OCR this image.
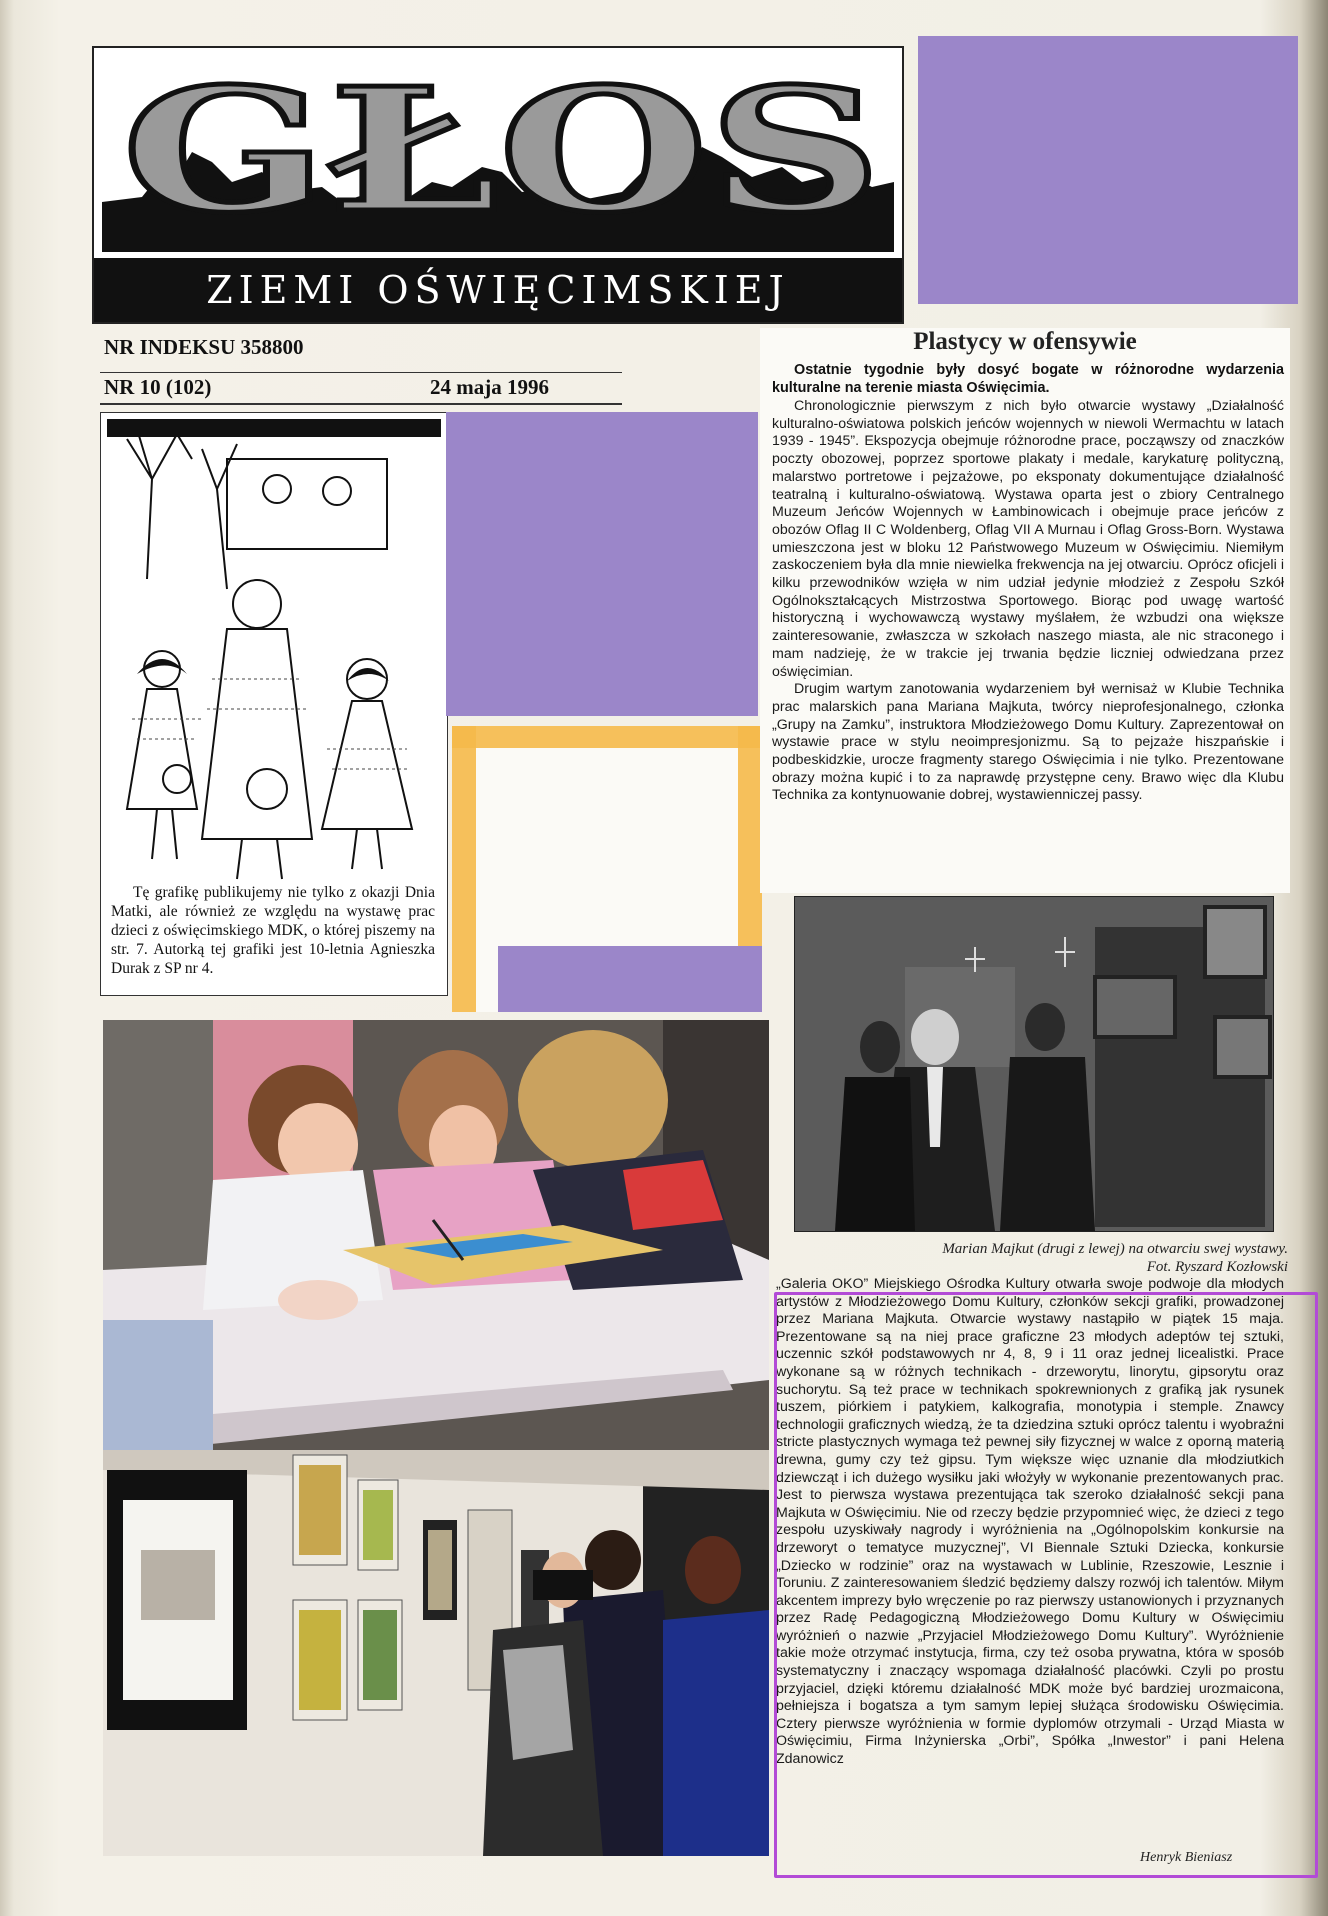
GŁOS
ZIEMI OŚWIĘCIMSKIEJ
NR INDEKSU 358800
NR 10 (102)	24 maja 1996
Tę grafikę publikujemy nie tylko z okazji Dnia Matki, ale również ze względu na wystawę prac dzieci z oświęcimskiego MDK, o której piszemy na str. 7. Autorką tej grafiki jest 10-letnia Agnieszka Durak z SP nr 4.
Plastycy w ofensywie
Ostatnie tygodnie były dosyć bogate w różnorodne wydarzenia kulturalne na terenie miasta Oświęcimia.

Chronologicznie pierwszym z nich było otwarcie wystawy „Działalność kulturalno-oświatowa polskich jeńców wojennych w niewoli Wermachtu w latach 1939 - 1945”. Ekspozycja obejmuje różnorodne prace, począwszy od znaczków poczty obozowej, poprzez sportowe plakaty i medale, karykaturę polityczną, malarstwo portretowe i pejzażowe, po eksponaty dokumentujące działalność teatralną i kulturalno-oświatową. Wystawa oparta jest o zbiory Centralnego Muzeum Jeńców Wojennych w Łambinowicach i obejmuje prace jeńców z obozów Oflag II C Woldenberg, Oflag VII A Murnau i Oflag Gross-Born. Wystawa umieszczona jest w bloku 12 Państwowego Muzeum w Oświęcimiu. Niemiłym zaskoczeniem była dla mnie niewielka frekwencja na jej otwarciu. Oprócz oficjeli i kilku przewodników wzięła w nim udział jedynie młodzież z Zespołu Szkół Ogólnokształcących Mistrzostwa Sportowego. Biorąc pod uwagę wartość historyczną i wychowawczą wystawy myślałem, że wzbudzi ona większe zainteresowanie, zwłaszcza w szkołach naszego miasta, ale nic straconego i mam nadzieję, że w trakcie jej trwania będzie liczniej odwiedzana przez oświęcimian.

Drugim wartym zanotowania wydarzeniem był wernisaż w Klubie Technika prac malarskich pana Mariana Majkuta, twórcy nieprofesjonalnego, członka „Grupy na Zamku”, instruktora Młodzieżowego Domu Kultury. Zaprezentował on wystawie prace w stylu neoimpresjonizmu. Są to pejzaże hiszpańskie i podbeskidzkie, urocze fragmenty starego Oświęcimia i nie tylko. Prezentowane obrazy można kupić i to za naprawdę przystępne ceny. Brawo więc dla Klubu Technika za kontynuowanie dobrej, wystawienniczej passy.

Marian Majkut (drugi z lewej) na otwarciu swej wystawy.
Fot. Ryszard Kozłowski
„Galeria OKO” Miejskiego Ośrodka Kultury otwarła swoje podwoje dla młodych artystów z Młodzieżowego Domu Kultury, członków sekcji grafiki, prowadzonej przez Mariana Majkuta. Otwarcie wystawy nastąpiło w piątek 15 maja. Prezentowane są na niej prace graficzne 23 młodych adeptów tej sztuki, uczennic szkół podstawowych nr 4, 8, 9 i 11 oraz jednej licealistki. Prace wykonane są w różnych technikach - drzeworytu, linorytu, gipsorytu oraz suchorytu. Są też prace w technikach spokrewnionych z grafiką jak rysunek tuszem, piórkiem i patykiem, kalkografia, monotypia i stemple. Znawcy technologii graficznych wiedzą, że ta dziedzina sztuki oprócz talentu i wyobraźni stricte plastycznych wymaga też pewnej siły fizycznej w walce z oporną materią drewna, gumy czy też gipsu. Tym większe więc uznanie dla młodziutkich dziewcząt i ich dużego wysiłku jaki włożyły w wykonanie prezentowanych prac. Jest to pierwsza wystawa prezentująca tak szeroko działalność sekcji pana Majkuta w Oświęcimiu. Nie od rzeczy będzie przypomnieć więc, że dzieci z tego zespołu uzyskiwały nagrody i wyróżnienia na „Ogólnopolskim konkursie na drzeworyt o tematyce muzycznej”, VI Biennale Sztuki Dziecka, konkursie „Dziecko w rodzinie” oraz na wystawach w Lublinie, Rzeszowie, Lesznie i Toruniu. Z zainteresowaniem śledzić będziemy dalszy rozwój ich talentów. Miłym akcentem imprezy było wręczenie po raz pierwszy ustanowionych i przyznanych przez Radę Pedagogiczną Młodzieżowego Domu Kultury w Oświęcimiu wyróżnień o nazwie „Przyjaciel Młodzieżowego Domu Kultury”. Wyróżnienie takie może otrzymać instytucja, firma, czy też osoba prywatna, która w sposób systematyczny i znaczący wspomaga działalność placówki. Czyli po prostu przyjaciel, dzięki któremu działalność MDK może być bardziej urozmaicona, pełniejsza i bogatsza a tym samym lepiej służąca środowisku Oświęcimia. Cztery pierwsze wyróżnienia w formie dyplomów otrzymali - Urząd Miasta w Oświęcimiu, Firma Inżynierska „Orbi”, Spółka „Inwestor” i pani Helena Zdanowicz
Henryk Bieniasz
